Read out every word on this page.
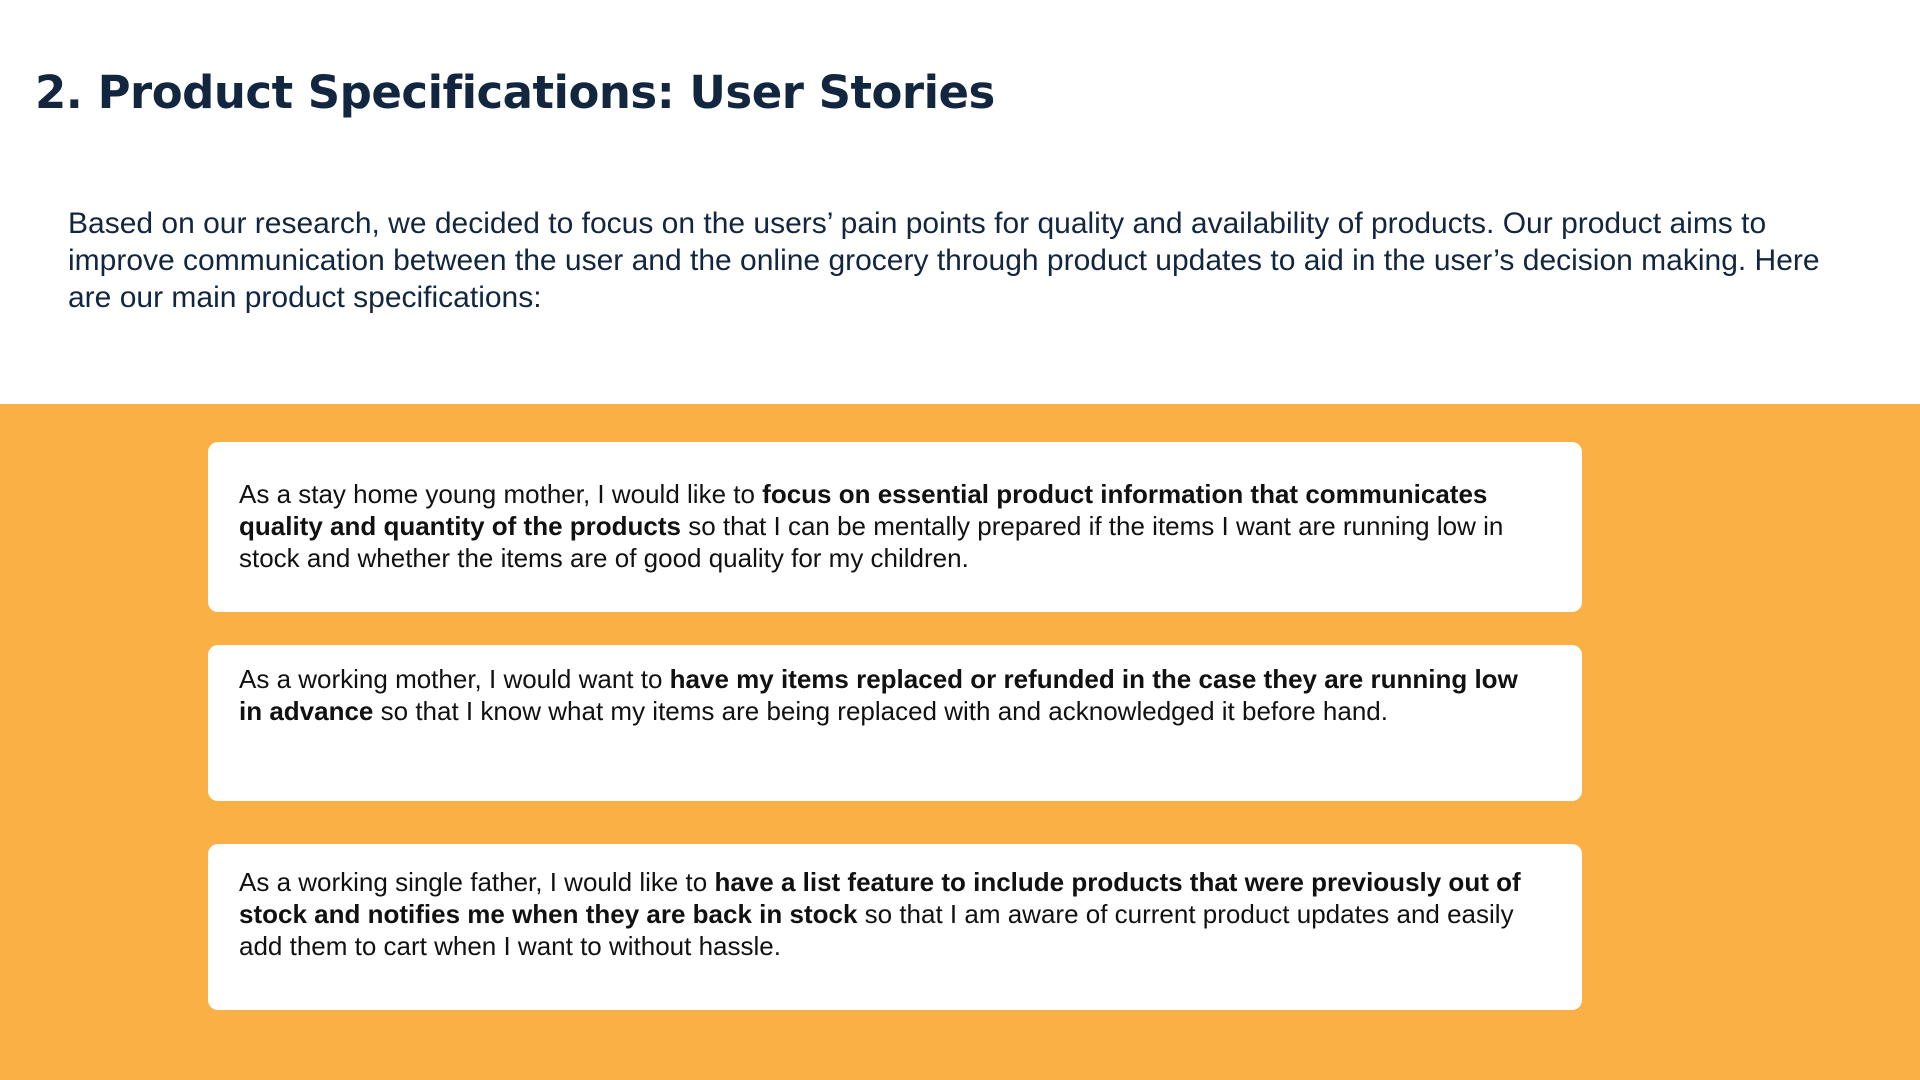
2. Product Specifications: User Stories

Based on our research, we decided to focus on the users’ pain points for quality and availability of products. Our product aims to improve communication between the user and the online grocery through product updates to aid in the user’s decision making. Here are our main product specifications:

As a stay home young mother, I would like to focus on essential product information that communicates quality and quantity of the products so that I can be mentally prepared if the items I want are running low in stock and whether the items are of good quality for my children.

As a working mother, I would want to have my items replaced or refunded in the case they are running low in advance so that I know what my items are being replaced with and acknowledged it before hand.

As a working single father, I would like to have a list feature to include products that were previously out of stock and notifies me when they are back in stock so that I am aware of current product updates and easily add them to cart when I want to without hassle.
